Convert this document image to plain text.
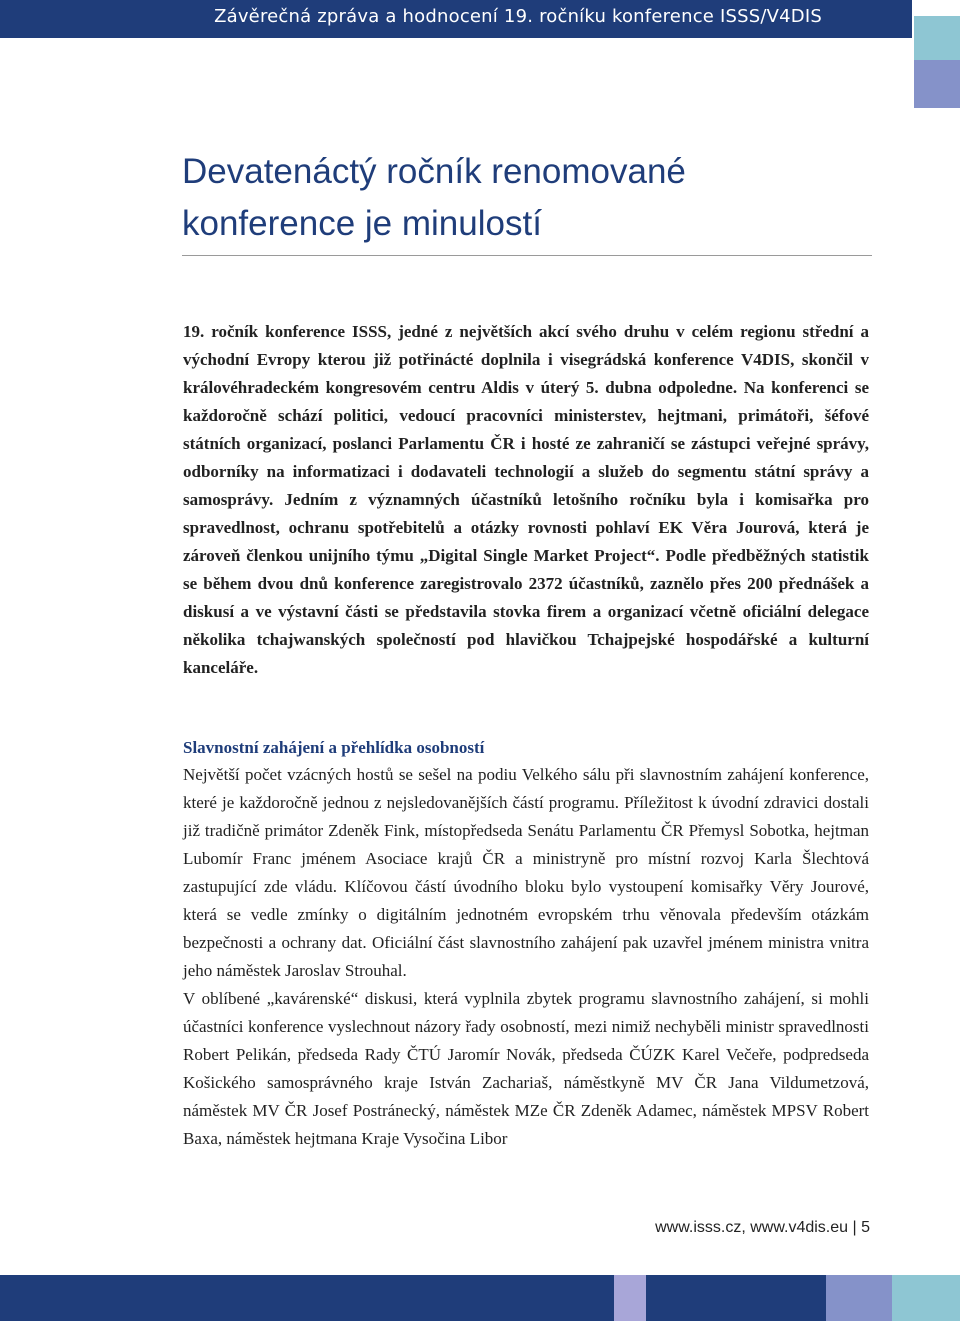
Závěrečná zpráva a hodnocení 19. ročníku konference ISSS/V4DIS
Devatenáctý ročník renomované
konference je minulostí

19. ročník konference ISSS, jedné z největších akcí svého druhu v celém regionu střední a východní Evropy kterou již potřinácté doplnila i visegrádská konference V4DIS, skončil v královéhradeckém kongresovém centru Aldis v úterý 5. dubna odpoledne. Na konferenci se každoročně schází politici, vedoucí pracovníci ministerstev, hejtmani, primátoři, šéfové státních organizací, poslanci Parlamentu ČR i hosté ze zahraničí se zástupci veřejné správy, odborníky na informatizaci i dodavateli technologií a služeb do segmentu státní správy a samosprávy. Jedním z významných účastníků letošního ročníku byla i komisařka pro spravedlnost, ochranu spotřebitelů a otázky rovnosti pohlaví EK Věra Jourová, která je zároveň členkou unijního týmu „Digital Single Market Project“. Podle předběžných statistik se během dvou dnů konference zaregistrovalo 2372 účastníků, zaznělo přes 200 přednášek a diskusí a ve výstavní části se představila stovka firem a organizací včetně oficiální delegace několika tchajwanských společností pod hlavičkou Tchajpejské hospodářské a kulturní kanceláře.

Slavnostní zahájení a přehlídka osobností

Největší počet vzácných hostů se sešel na podiu Velkého sálu při slavnostním zahájení konference, které je každoročně jednou z nejsledovanějších částí programu. Příležitost k úvodní zdravici dostali již tradičně primátor Zdeněk Fink, místopředseda Senátu Parlamentu ČR Přemysl Sobotka, hejtman Lubomír Franc jménem Asociace krajů ČR a ministryně pro místní rozvoj Karla Šlechtová zastupující zde vládu. Klíčovou částí úvodního bloku bylo vystoupení komisařky Věry Jourové, která se vedle zmínky o digitálním jednotném evropském trhu věnovala především otázkám bezpečnosti a ochrany dat. Oficiální část slavnostního zahájení pak uzavřel jménem ministra vnitra jeho náměstek Jaroslav Strouhal.

V oblíbené „kavárenské“ diskusi, která vyplnila zbytek programu slavnostního zahájení, si mohli účastníci konference vyslechnout názory řady osobností, mezi nimiž nechyběli ministr spravedlnosti Robert Pelikán, předseda Rady ČTÚ Jaromír Novák, předseda ČÚZK Karel Večeře, podpredseda Košického samosprávného kraje István Zachariaš, náměstkyně MV ČR Jana Vildumetzová, náměstek MV ČR Josef Postránecký, náměstek MZe ČR Zdeněk Adamec, náměstek MPSV Robert Baxa, náměstek hejtmana Kraje Vysočina Libor

www.isss.cz, www.v4dis.eu | 5
